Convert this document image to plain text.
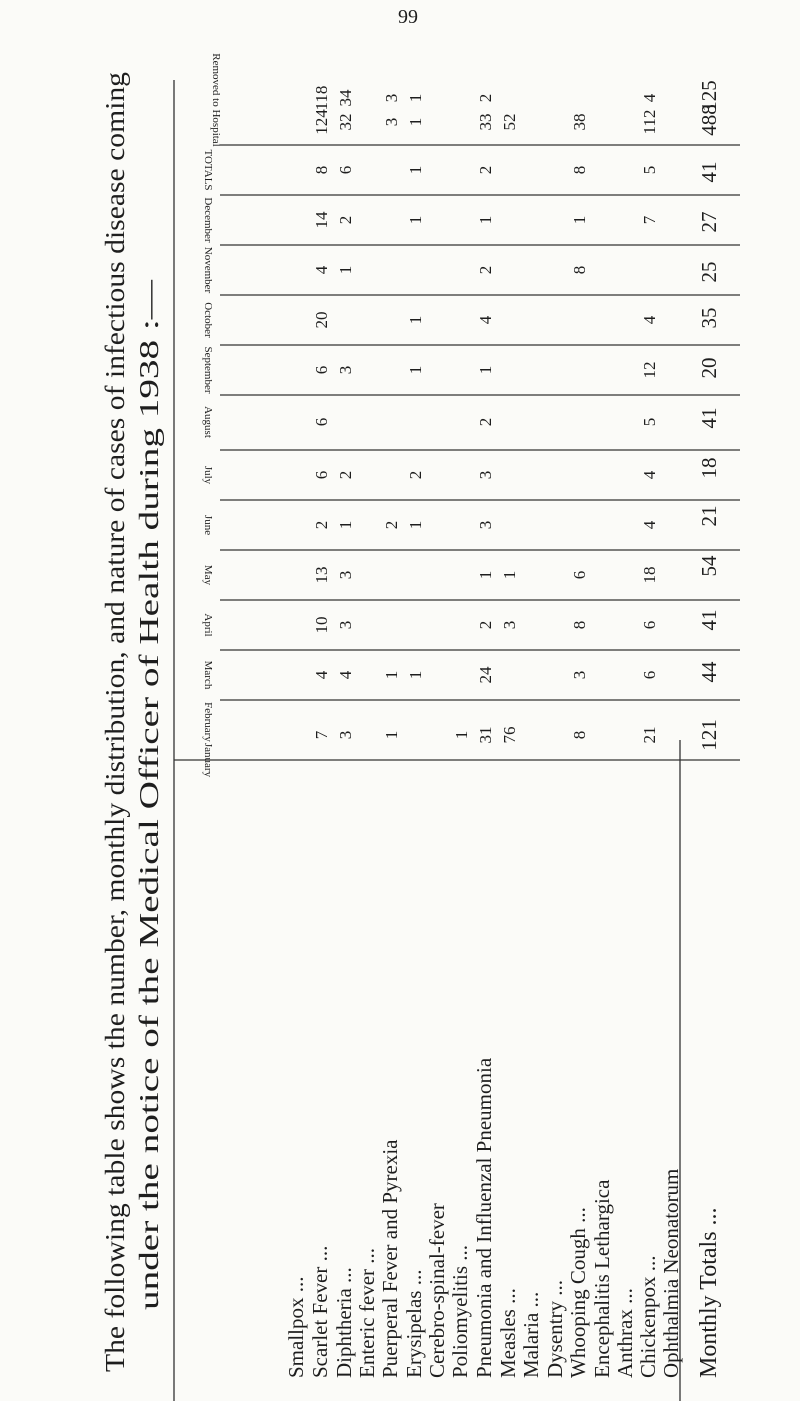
99
The following table shows the number, monthly distribution, and nature of cases of infectious disease coming under the notice of the Medical Officer of Health during 1938 :—
Removed to Hospital
TOTALS
December
November
October
September
August
July
June
May
April
March
February
January
Smallpox ... Scarlet Fever ... Diphtheria ... Enteric fever ... Puerperal Fever and Pyrexia Erysipelas ... Cerebro-spinal-fever Poliomyelitis ... Pneumonia and Influenzal Pneumonia Measles ... Malaria ... Dysentry ... Whooping Cough ... Encephalitis Lethargica Anthrax ... Chickenpox ... Ophthalmia Neonatorum Monthly Totals ...
7
4
10
13
2
6
6
6
20
4
14
8
124
118
3
4
3
3
1
2
3
1
2
6
32
34
1
1
2
3
3
1
1
2
1
1
1
1
1
1
1 31
24
2
1
3
3
2
1
4
2
1
2
33
2
76
3
1
52
8
3
8
6
8
1
8
38
21
6
6
18
4
4
5
12
4
7
5
112
4
121
44
41
54
21
18
41
20
35
25
27
41
488
125
